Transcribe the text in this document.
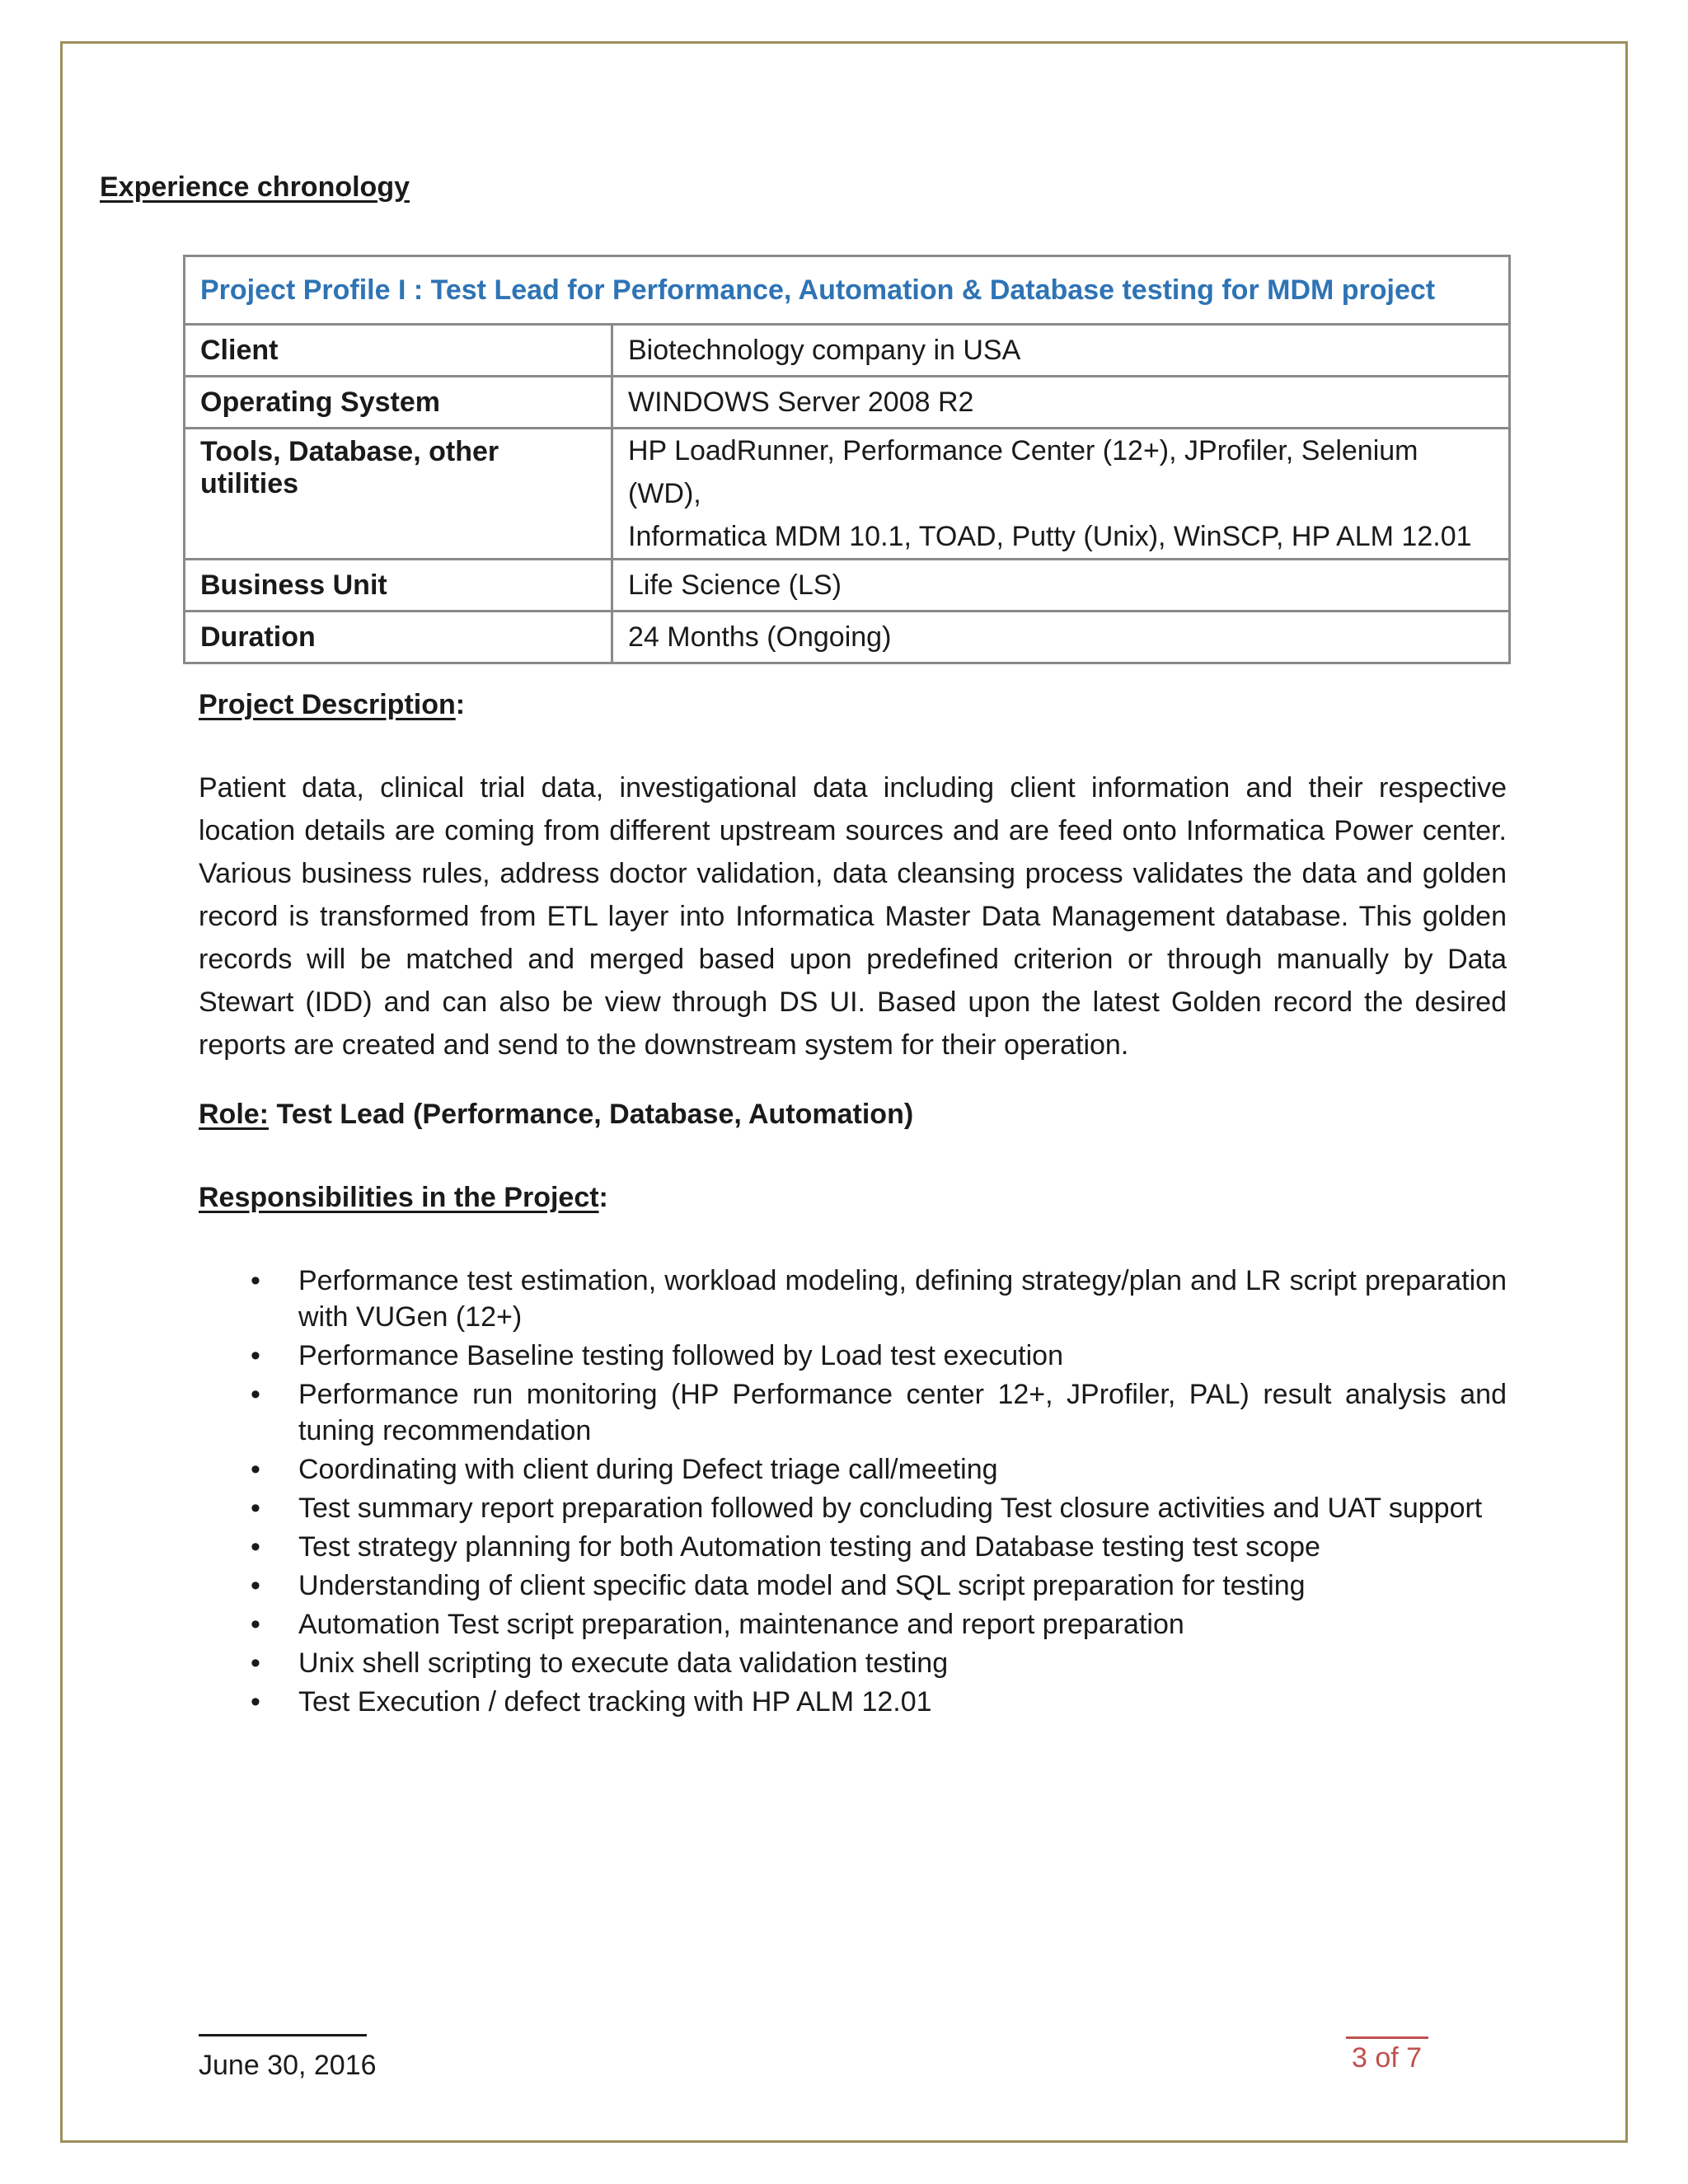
Experience chronology
Project Profile I : Test Lead for Performance, Automation & Database testing for MDM project	
Client	Biotechnology company in USA
Operating System	WINDOWS Server 2008 R2
Tools, Database, other utilities	HP LoadRunner, Performance Center (12+), JProfiler, Selenium (WD),
Informatica MDM 10.1, TOAD, Putty (Unix), WinSCP, HP ALM 12.01

Business Unit	Life Science (LS)
Duration	24 Months (Ongoing)
Project Description:
Patient data, clinical trial data, investigational data including client information and their respective location details are coming from different upstream sources and are feed onto Informatica Power center. Various business rules, address doctor validation, data cleansing process validates the data and golden record is transformed from ETL layer into Informatica Master Data Management database. This golden records will be matched and merged based upon predefined criterion or through manually by Data Stewart (IDD) and can also be view through DS UI. Based upon the latest Golden record the desired reports are created and send to the downstream system for their operation.
Role: Test Lead (Performance, Database, Automation)
Responsibilities in the Project:
• Performance test estimation, workload modeling, defining strategy/plan and LR script preparation with VUGen (12+)
• Performance Baseline testing followed by Load test execution
• Performance run monitoring (HP Performance center 12+, JProfiler, PAL) result analysis and tuning recommendation
• Coordinating with client during Defect triage call/meeting
• Test summary report preparation followed by concluding Test closure activities and UAT support
• Test strategy planning for both Automation testing and Database testing test scope
• Understanding of client specific data model and SQL script preparation for testing
• Automation Test script preparation, maintenance and report preparation
• Unix shell scripting to execute data validation testing
• Test Execution / defect tracking with HP ALM 12.01
June 30, 2016	3 of 7
